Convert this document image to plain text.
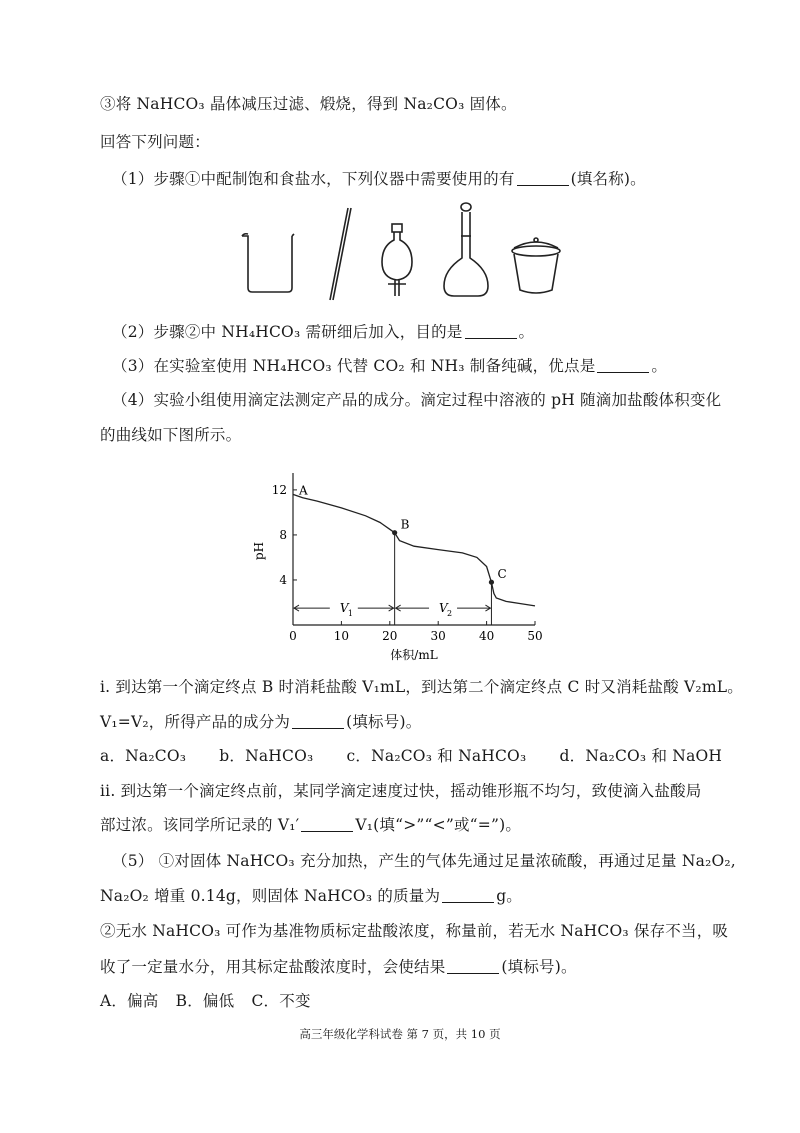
③将 NaHCO₃ 晶体减压过滤、煅烧，得到 Na₂CO₃ 固体。
回答下列问题：
（1）步骤①中配制饱和食盐水，下列仪器中需要使用的有	(填名称)。
（2）步骤②中 NH₄HCO₃ 需研细后加入，目的是	。
（3）在实验室使用 NH₄HCO₃ 代替 CO₂ 和 NH₃ 制备纯碱，优点是	。
（4）实验小组使用滴定法测定产品的成分。滴定过程中溶液的 pH 随滴加盐酸体积变化
的曲线如下图所示。
0	10	20	30	40	50
4
8
12 A
B
C
V 1	V 2
pH
体积/mL
i. 到达第一个滴定终点 B 时消耗盐酸 V₁mL，到达第二个滴定终点 C 时又消耗盐酸 V₂mL。
V₁=V₂，所得产品的成分为	(填标号)。
a．Na₂CO₃ b．NaHCO₃ c．Na₂CO₃ 和 NaHCO₃ d．Na₂CO₃ 和 NaOH
ii. 到达第一个滴定终点前，某同学滴定速度过快，摇动锥形瓶不均匀，致使滴入盐酸局
部过浓。该同学所记录的 V₁′	V₁(填“>”“<”或“=”)。
（5） ①对固体 NaHCO₃ 充分加热，产生的气体先通过足量浓硫酸，再通过足量 Na₂O₂,
Na₂O₂ 增重 0.14g，则固体 NaHCO₃ 的质量为	g。
②无水 NaHCO₃ 可作为基准物质标定盐酸浓度，称量前，若无水 NaHCO₃ 保存不当，吸
收了一定量水分，用其标定盐酸浓度时，会使结果	(填标号)。
A．偏高 B．偏低 C．不变
高三年级化学科试卷 第 7 页，共 10 页
